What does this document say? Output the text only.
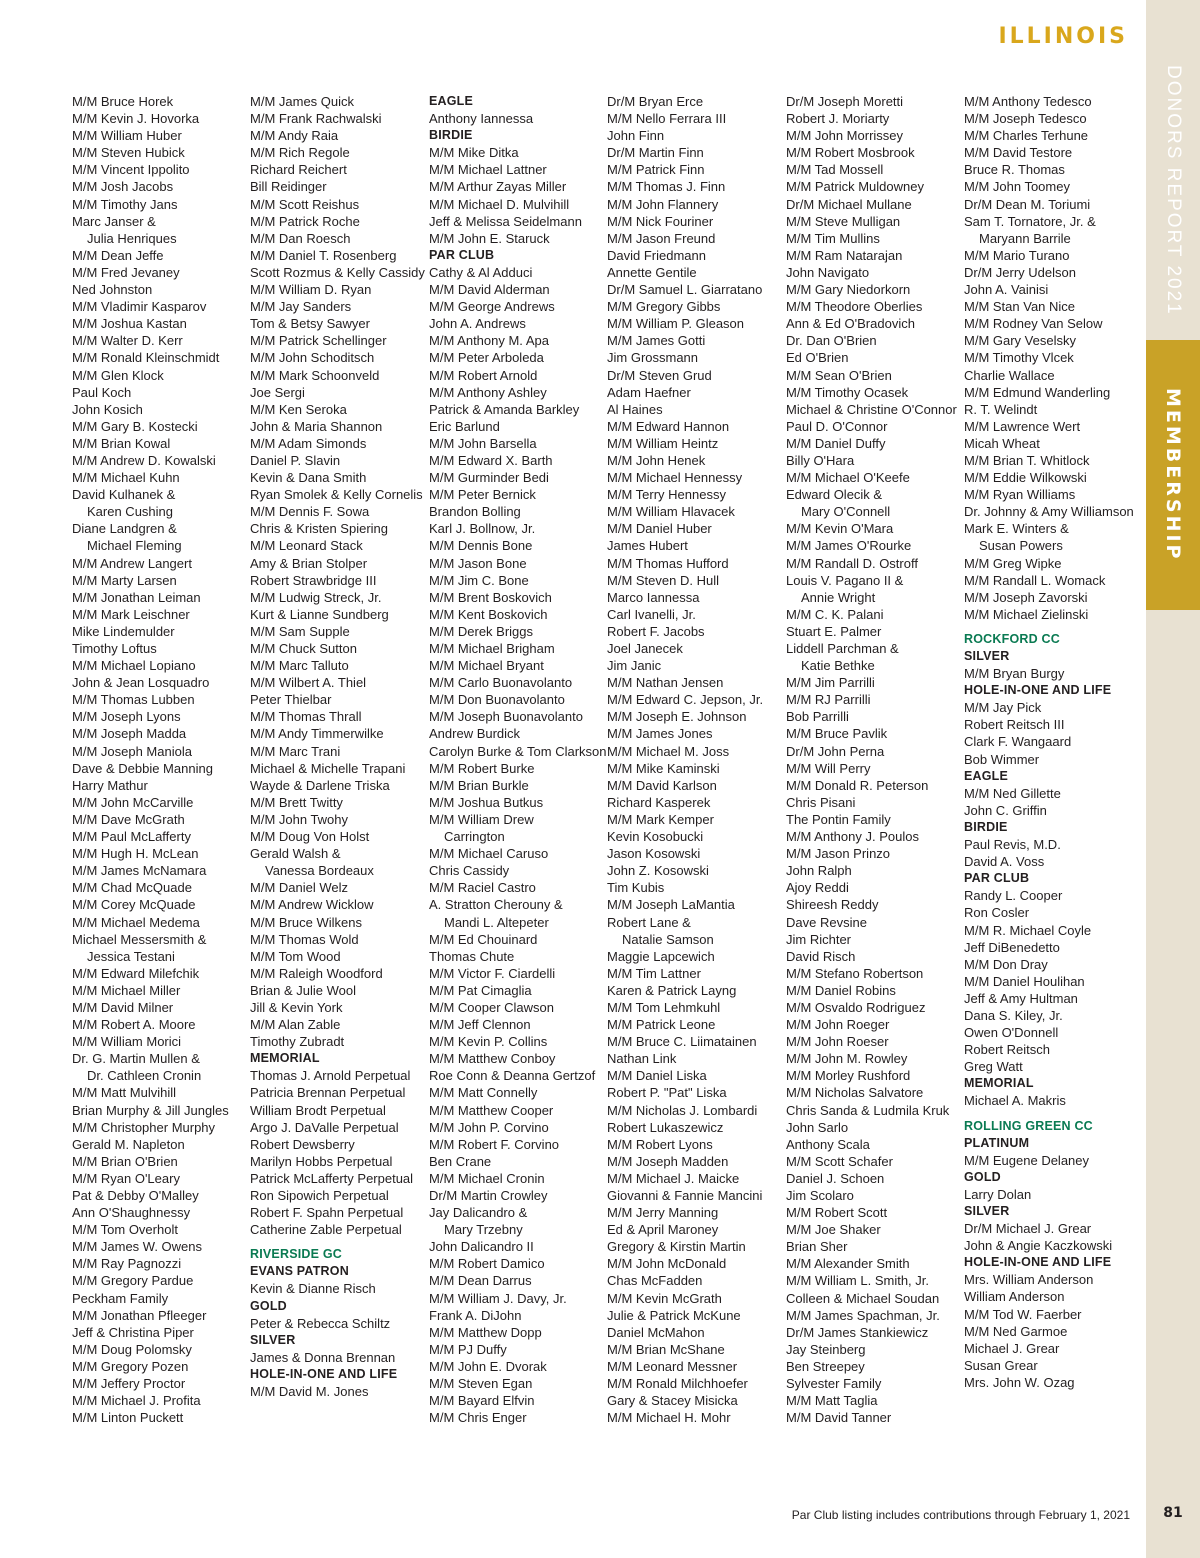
ILLINOIS
DONORS REPORT 2021
MEMBERSHIP
M/M Bruce Horek
M/M Kevin J. Hovorka
M/M William Huber
M/M Steven Hubick
M/M Vincent Ippolito
M/M Josh Jacobs
M/M Timothy Jans
Marc Janser &
Julia Henriques
M/M Dean Jeffe
M/M Fred Jevaney
Ned Johnston
M/M Vladimir Kasparov
M/M Joshua Kastan
M/M Walter D. Kerr
M/M Ronald Kleinschmidt
M/M Glen Klock
Paul Koch
John Kosich
M/M Gary B. Kostecki
M/M Brian Kowal
M/M Andrew D. Kowalski
M/M Michael Kuhn
David Kulhanek &
Karen Cushing
Diane Landgren &
Michael Fleming
M/M Andrew Langert
M/M Marty Larsen
M/M Jonathan Leiman
M/M Mark Leischner
Mike Lindemulder
Timothy Loftus
M/M Michael Lopiano
John & Jean Losquadro
M/M Thomas Lubben
M/M Joseph Lyons
M/M Joseph Madda
M/M Joseph Maniola
Dave & Debbie Manning
Harry Mathur
M/M John McCarville
M/M Dave McGrath
M/M Paul McLafferty
M/M Hugh H. McLean
M/M James McNamara
M/M Chad McQuade
M/M Corey McQuade
M/M Michael Medema
Michael Messersmith &
Jessica Testani
M/M Edward Milefchik
M/M Michael Miller
M/M David Milner
M/M Robert A. Moore
M/M William Morici
Dr. G. Martin Mullen &
Dr. Cathleen Cronin
M/M Matt Mulvihill
Brian Murphy & Jill Jungles
M/M Christopher Murphy
Gerald M. Napleton
M/M Brian O'Brien
M/M Ryan O'Leary
Pat & Debby O'Malley
Ann O'Shaughnessy
M/M Tom Overholt
M/M James W. Owens
M/M Ray Pagnozzi
M/M Gregory Pardue
Peckham Family
M/M Jonathan Pfleeger
Jeff & Christina Piper
M/M Doug Polomsky
M/M Gregory Pozen
M/M Jeffery Proctor
M/M Michael J. Profita
M/M Linton Puckett
M/M James Quick
M/M Frank Rachwalski
M/M Andy Raia
M/M Rich Regole
Richard Reichert
Bill Reidinger
M/M Scott Reishus
M/M Patrick Roche
M/M Dan Roesch
M/M Daniel T. Rosenberg
Scott Rozmus & Kelly Cassidy
M/M William D. Ryan
M/M Jay Sanders
Tom & Betsy Sawyer
M/M Patrick Schellinger
M/M John Schoditsch
M/M Mark Schoonveld
Joe Sergi
M/M Ken Seroka
John & Maria Shannon
M/M Adam Simonds
Daniel P. Slavin
Kevin & Dana Smith
Ryan Smolek & Kelly Cornelis
M/M Dennis F. Sowa
Chris & Kristen Spiering
M/M Leonard Stack
Amy & Brian Stolper
Robert Strawbridge III
M/M Ludwig Streck, Jr.
Kurt & Lianne Sundberg
M/M Sam Supple
M/M Chuck Sutton
M/M Marc Talluto
M/M Wilbert A. Thiel
Peter Thielbar
M/M Thomas Thrall
M/M Andy Timmerwilke
M/M Marc Trani
Michael & Michelle Trapani
Wayde & Darlene Triska
M/M Brett Twitty
M/M John Twohy
M/M Doug Von Holst
Gerald Walsh &
Vanessa Bordeaux
M/M Daniel Welz
M/M Andrew Wicklow
M/M Bruce Wilkens
M/M Thomas Wold
M/M Tom Wood
M/M Raleigh Woodford
Brian & Julie Wool
Jill & Kevin York
M/M Alan Zable
Timothy Zubradt
MEMORIAL
Thomas J. Arnold Perpetual
Patricia Brennan Perpetual
William Brodt Perpetual
Argo J. DaValle Perpetual
Robert Dewsberry
Marilyn Hobbs Perpetual
Patrick McLafferty Perpetual
Ron Sipowich Perpetual
Robert F. Spahn Perpetual
Catherine Zable Perpetual
RIVERSIDE GC
EVANS PATRON
Kevin & Dianne Risch
GOLD
Peter & Rebecca Schiltz
SILVER
James & Donna Brennan
HOLE-IN-ONE AND LIFE
M/M David M. Jones
EAGLE
Anthony Iannessa
BIRDIE
M/M Mike Ditka
M/M Michael Lattner
M/M Arthur Zayas Miller
M/M Michael D. Mulvihill
Jeff & Melissa Seidelmann
M/M John E. Staruck
PAR CLUB
Cathy & Al Adduci
M/M David Alderman
M/M George Andrews
John A. Andrews
M/M Anthony M. Apa
M/M Peter Arboleda
M/M Robert Arnold
M/M Anthony Ashley
Patrick & Amanda Barkley
Eric Barlund
M/M John Barsella
M/M Edward X. Barth
M/M Gurminder Bedi
M/M Peter Bernick
Brandon Bolling
Karl J. Bollnow, Jr.
M/M Dennis Bone
M/M Jason Bone
M/M Jim C. Bone
M/M Brent Boskovich
M/M Kent Boskovich
M/M Derek Briggs
M/M Michael Brigham
M/M Michael Bryant
M/M Carlo Buonavolanto
M/M Don Buonavolanto
M/M Joseph Buonavolanto
Andrew Burdick
Carolyn Burke & Tom Clarkson
M/M Robert Burke
M/M Brian Burkle
M/M Joshua Butkus
M/M William Drew
Carrington
M/M Michael Caruso
Chris Cassidy
M/M Raciel Castro
A. Stratton Cherouny &
Mandi L. Altepeter
M/M Ed Chouinard
Thomas Chute
M/M Victor F. Ciardelli
M/M Pat Cimaglia
M/M Cooper Clawson
M/M Jeff Clennon
M/M Kevin P. Collins
M/M Matthew Conboy
Roe Conn & Deanna Gertzof
M/M Matt Connelly
M/M Matthew Cooper
M/M John P. Corvino
M/M Robert F. Corvino
Ben Crane
M/M Michael Cronin
Dr/M Martin Crowley
Jay Dalicandro &
Mary Trzebny
John Dalicandro II
M/M Robert Damico
M/M Dean Darrus
M/M William J. Davy, Jr.
Frank A. DiJohn
M/M Matthew Dopp
M/M PJ Duffy
M/M John E. Dvorak
M/M Steven Egan
M/M Bayard Elfvin
M/M Chris Enger
Dr/M Bryan Erce
M/M Nello Ferrara III
John Finn
Dr/M Martin Finn
M/M Patrick Finn
M/M Thomas J. Finn
M/M John Flannery
M/M Nick Fouriner
M/M Jason Freund
David Friedmann
Annette Gentile
Dr/M Samuel L. Giarratano
M/M Gregory Gibbs
M/M William P. Gleason
M/M James Gotti
Jim Grossmann
Dr/M Steven Grud
Adam Haefner
Al Haines
M/M Edward Hannon
M/M William Heintz
M/M John Henek
M/M Michael Hennessy
M/M Terry Hennessy
M/M William Hlavacek
M/M Daniel Huber
James Hubert
M/M Thomas Hufford
M/M Steven D. Hull
Marco Iannessa
Carl Ivanelli, Jr.
Robert F. Jacobs
Joel Janecek
Jim Janic
M/M Nathan Jensen
M/M Edward C. Jepson, Jr.
M/M Joseph E. Johnson
M/M James Jones
M/M Michael M. Joss
M/M Mike Kaminski
M/M David Karlson
Richard Kasperek
M/M Mark Kemper
Kevin Kosobucki
Jason Kosowski
John Z. Kosowski
Tim Kubis
M/M Joseph LaMantia
Robert Lane &
Natalie Samson
Maggie Lapcewich
M/M Tim Lattner
Karen & Patrick Layng
M/M Tom Lehmkuhl
M/M Patrick Leone
M/M Bruce C. Liimatainen
Nathan Link
M/M Daniel Liska
Robert P. "Pat" Liska
M/M Nicholas J. Lombardi
Robert Lukaszewicz
M/M Robert Lyons
M/M Joseph Madden
M/M Michael J. Maicke
Giovanni & Fannie Mancini
M/M Jerry Manning
Ed & April Maroney
Gregory & Kirstin Martin
M/M John McDonald
Chas McFadden
M/M Kevin McGrath
Julie & Patrick McKune
Daniel McMahon
M/M Brian McShane
M/M Leonard Messner
M/M Ronald Milchhoefer
Gary & Stacey Misicka
M/M Michael H. Mohr
Dr/M Joseph Moretti
Robert J. Moriarty
M/M John Morrissey
M/M Robert Mosbrook
M/M Tad Mossell
M/M Patrick Muldowney
Dr/M Michael Mullane
M/M Steve Mulligan
M/M Tim Mullins
M/M Ram Natarajan
John Navigato
M/M Gary Niedorkorn
M/M Theodore Oberlies
Ann & Ed O'Bradovich
Dr. Dan O'Brien
Ed O'Brien
M/M Sean O'Brien
M/M Timothy Ocasek
Michael & Christine O'Connor
Paul D. O'Connor
M/M Daniel Duffy
Billy O'Hara
M/M Michael O'Keefe
Edward Olecik &
Mary O'Connell
M/M Kevin O'Mara
M/M James O'Rourke
M/M Randall D. Ostroff
Louis V. Pagano II &
Annie Wright
M/M C. K. Palani
Stuart E. Palmer
Liddell Parchman &
Katie Bethke
M/M Jim Parrilli
M/M RJ Parrilli
Bob Parrilli
M/M Bruce Pavlik
Dr/M John Perna
M/M Will Perry
M/M Donald R. Peterson
Chris Pisani
The Pontin Family
M/M Anthony J. Poulos
M/M Jason Prinzo
John Ralph
Ajoy Reddi
Shireesh Reddy
Dave Revsine
Jim Richter
David Risch
M/M Stefano Robertson
M/M Daniel Robins
M/M Osvaldo Rodriguez
M/M John Roeger
M/M John Roeser
M/M John M. Rowley
M/M Morley Rushford
M/M Nicholas Salvatore
Chris Sanda & Ludmila Kruk
John Sarlo
Anthony Scala
M/M Scott Schafer
Daniel J. Schoen
Jim Scolaro
M/M Robert Scott
M/M Joe Shaker
Brian Sher
M/M Alexander Smith
M/M William L. Smith, Jr.
Colleen & Michael Soudan
M/M James Spachman, Jr.
Dr/M James Stankiewicz
Jay Steinberg
Ben Streepey
Sylvester Family
M/M Matt Taglia
M/M David Tanner
M/M Anthony Tedesco
M/M Joseph Tedesco
M/M Charles Terhune
M/M David Testore
Bruce R. Thomas
M/M John Toomey
Dr/M Dean M. Toriumi
Sam T. Tornatore, Jr. &
Maryann Barrile
M/M Mario Turano
Dr/M Jerry Udelson
John A. Vainisi
M/M Stan Van Nice
M/M Rodney Van Selow
M/M Gary Veselsky
M/M Timothy Vlcek
Charlie Wallace
M/M Edmund Wanderling
R. T. Welindt
M/M Lawrence Wert
Micah Wheat
M/M Brian T. Whitlock
M/M Eddie Wilkowski
M/M Ryan Williams
Dr. Johnny & Amy Williamson
Mark E. Winters &
Susan Powers
M/M Greg Wipke
M/M Randall L. Womack
M/M Joseph Zavorski
M/M Michael Zielinski
ROCKFORD CC
SILVER
M/M Bryan Burgy
HOLE-IN-ONE AND LIFE
M/M Jay Pick
Robert Reitsch III
Clark F. Wangaard
Bob Wimmer
EAGLE
M/M Ned Gillette
John C. Griffin
BIRDIE
Paul Revis, M.D.
David A. Voss
PAR CLUB
Randy L. Cooper
Ron Cosler
M/M R. Michael Coyle
Jeff DiBenedetto
M/M Don Dray
M/M Daniel Houlihan
Jeff & Amy Hultman
Dana S. Kiley, Jr.
Owen O'Donnell
Robert Reitsch
Greg Watt
MEMORIAL
Michael A. Makris
ROLLING GREEN CC
PLATINUM
M/M Eugene Delaney
GOLD
Larry Dolan
SILVER
Dr/M Michael J. Grear
John & Angie Kaczkowski
HOLE-IN-ONE AND LIFE
Mrs. William Anderson
William Anderson
M/M Tod W. Faerber
M/M Ned Garmoe
Michael J. Grear
Susan Grear
Mrs. John W. Ozag
Par Club listing includes contributions through February 1, 2021	81
